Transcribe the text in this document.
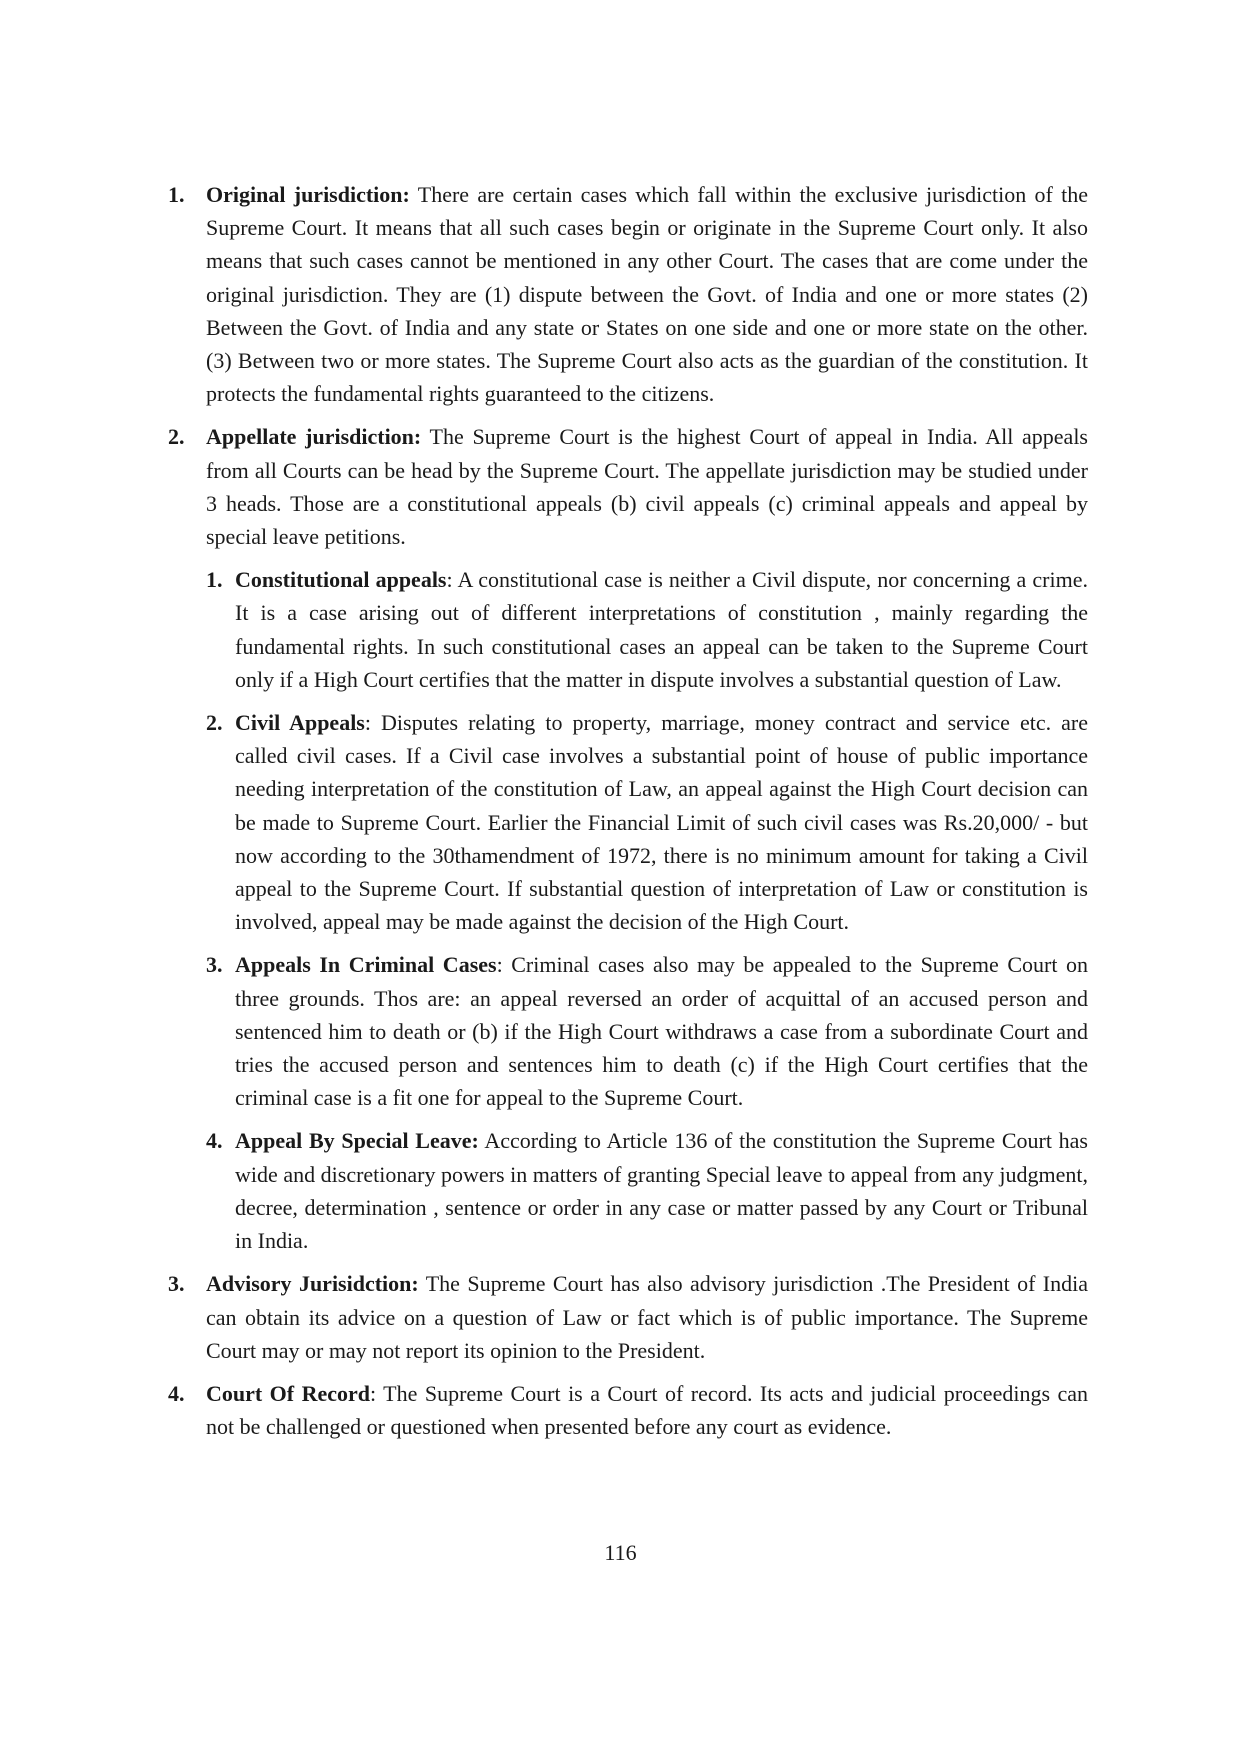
1. Original jurisdiction: There are certain cases which fall within the exclusive jurisdiction of the Supreme Court. It means that all such cases begin or originate in the Supreme Court only. It also means that such cases cannot be mentioned in any other Court. The cases that are come under the original jurisdiction. They are (1) dispute between the Govt. of India and one or more states (2) Between the Govt. of India and any state or States on one side and one or more state on the other. (3) Between two or more states. The Supreme Court also acts as the guardian of the constitution. It protects the fundamental rights guaranteed to the citizens.
2. Appellate jurisdiction: The Supreme Court is the highest Court of appeal in India. All appeals from all Courts can be head by the Supreme Court. The appellate jurisdiction may be studied under 3 heads. Those are a constitutional appeals (b) civil appeals (c) criminal appeals and appeal by special leave petitions.
1. Constitutional appeals: A constitutional case is neither a Civil dispute, nor concerning a crime. It is a case arising out of different interpretations of constitution , mainly regarding the fundamental rights. In such constitutional cases an appeal can be taken to the Supreme Court only if a High Court certifies that the matter in dispute involves a substantial question of Law.
2. Civil Appeals: Disputes relating to property, marriage, money contract and service etc. are called civil cases. If a Civil case involves a substantial point of house of public importance needing interpretation of the constitution of Law, an appeal against the High Court decision can be made to Supreme Court. Earlier the Financial Limit of such civil cases was Rs.20,000/ - but now according to the 30thamendment of 1972, there is no minimum amount for taking a Civil appeal to the Supreme Court. If substantial question of interpretation of Law or constitution is involved, appeal may be made against the decision of the High Court.
3. Appeals In Criminal Cases: Criminal cases also may be appealed to the Supreme Court on three grounds. Thos are: an appeal reversed an order of acquittal of an accused person and sentenced him to death or (b) if the High Court withdraws a case from a subordinate Court and tries the accused person and sentences him to death (c) if the High Court certifies that the criminal case is a fit one for appeal to the Supreme Court.
4. Appeal By Special Leave: According to Article 136 of the constitution the Supreme Court has wide and discretionary powers in matters of granting Special leave to appeal from any judgment, decree, determination , sentence or order in any case or matter passed by any Court or Tribunal in India.
3. Advisory Jurisidction: The Supreme Court has also advisory jurisdiction .The President of India can obtain its advice on a question of Law or fact which is of public importance. The Supreme Court may or may not report its opinion to the President.
4. Court Of Record: The Supreme Court is a Court of record. Its acts and judicial proceedings can not be challenged or questioned when presented before any court as evidence.
116
